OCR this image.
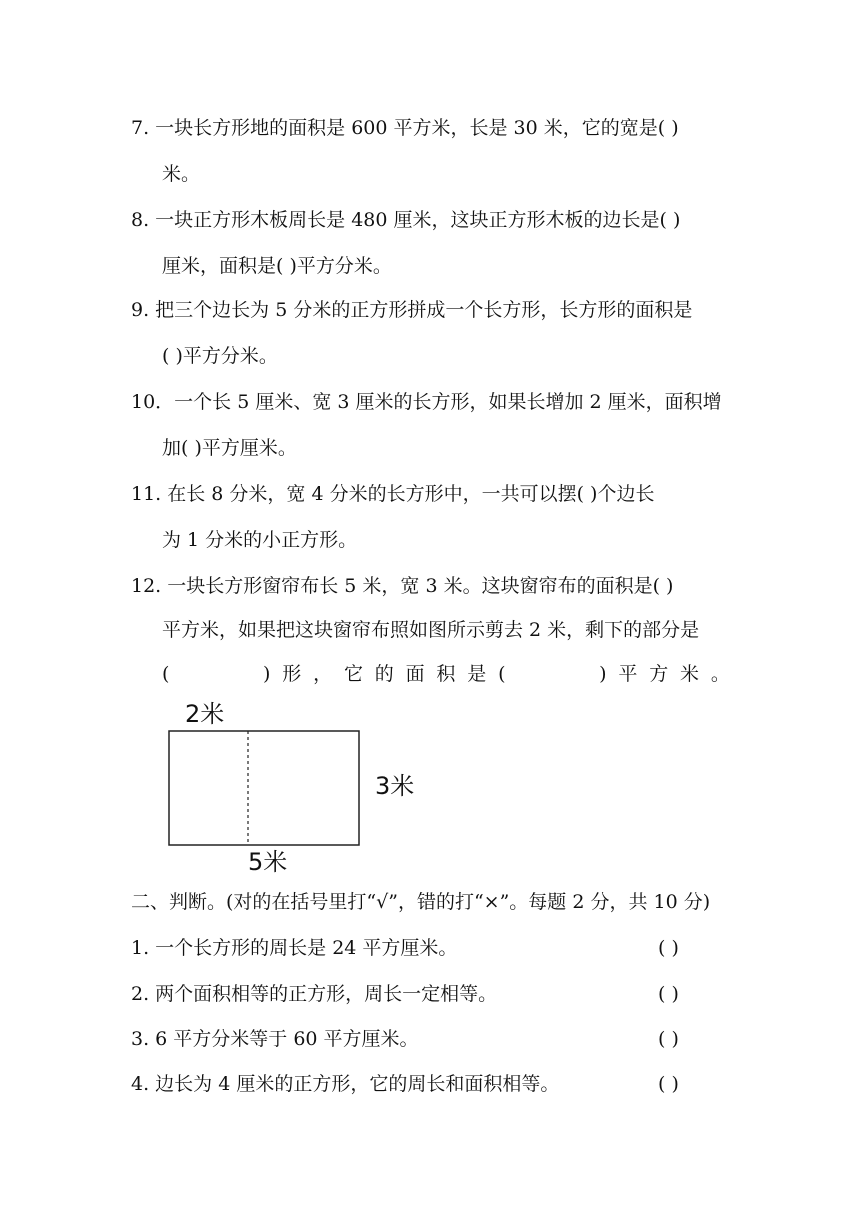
7. 一块长方形地的面积是 600 平方米，长是 30 米，它的宽是( )
米。
8. 一块正方形木板周长是 480 厘米，这块正方形木板的边长是( )
厘米，面积是( )平方分米。
9. 把三个边长为 5 分米的正方形拼成一个长方形，长方形的面积是
( )平方分米。
10．一个长 5 厘米、宽 3 厘米的长方形，如果长增加 2 厘米，面积增
加( )平方厘米。
11. 在长 8 分米，宽 4 分米的长方形中，一共可以摆( )个边长
为 1 分米的小正方形。
12. 一块长方形窗帘布长 5 米，宽 3 米。这块窗帘布的面积是( )
平方米，如果把这块窗帘布照如图所示剪去 2 米，剩下的部分是
(	) 形 ， 它 的 面 积 是 (	) 平 方 米 。
2米
3米
5米
二、判断。(对的在括号里打“√”，错的打“×”。每题 2 分，共 10 分)
1. 一个长方形的周长是 24 平方厘米。	( )
2. 两个面积相等的正方形，周长一定相等。	( )
3. 6 平方分米等于 60 平方厘米。	( )
4. 边长为 4 厘米的正方形，它的周长和面积相等。	( )
